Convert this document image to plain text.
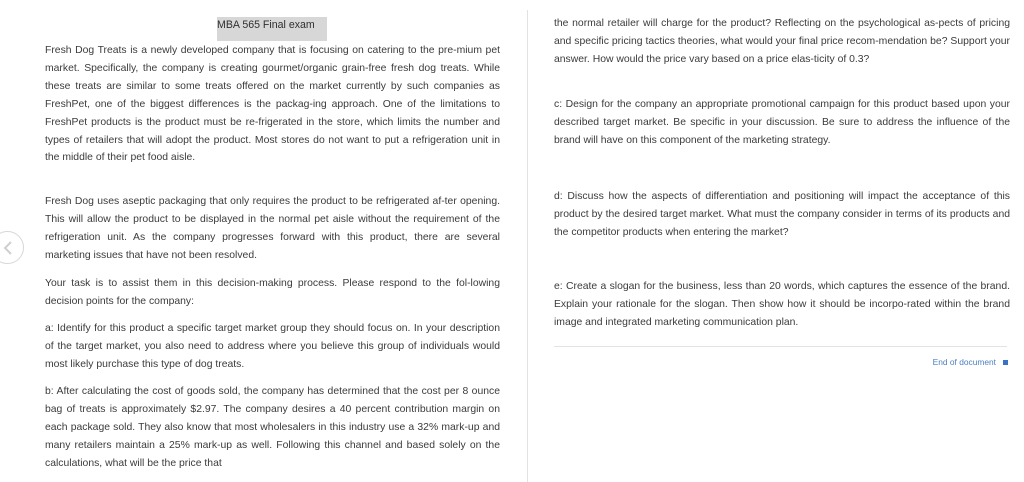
MBA 565 Final exam

Fresh Dog Treats is a newly developed company that is focusing on catering to the pre-mium pet market. Specifically, the company is creating gourmet/organic grain-free fresh dog treats. While these treats are similar to some treats offered on the market currently by such companies as FreshPet, one of the biggest differences is the packag-ing approach. One of the limitations to FreshPet products is the product must be re-frigerated in the store, which limits the number and types of retailers that will adopt the product. Most stores do not want to put a refrigeration unit in the middle of their pet food aisle.

Fresh Dog uses aseptic packaging that only requires the product to be refrigerated af-ter opening. This will allow the product to be displayed in the normal pet aisle without the requirement of the refrigeration unit. As the company progresses forward with this product, there are several marketing issues that have not been resolved.

Your task is to assist them in this decision-making process. Please respond to the fol-lowing decision points for the company:

a: Identify for this product a specific target market group they should focus on. In your description of the target market, you also need to address where you believe this group of individuals would most likely purchase this type of dog treats.

b: After calculating the cost of goods sold, the company has determined that the cost per 8 ounce bag of treats is approximately $2.97. The company desires a 40 percent contribution margin on each package sold. They also know that most wholesalers in this industry use a 32% mark-up and many retailers maintain a 25% mark-up as well. Following this channel and based solely on the calculations, what will be the price that

the normal retailer will charge for the product? Reflecting on the psychological as-pects of pricing and specific pricing tactics theories, what would your final price recom-mendation be? Support your answer. How would the price vary based on a price elas-ticity of 0.3?

c: Design for the company an appropriate promotional campaign for this product based upon your described target market. Be specific in your discussion. Be sure to address the influence of the brand will have on this component of the marketing strategy.

d: Discuss how the aspects of differentiation and positioning will impact the acceptance of this product by the desired target market. What must the company consider in terms of its products and the competitor products when entering the market?

e: Create a slogan for the business, less than 20 words, which captures the essence of the brand. Explain your rationale for the slogan. Then show how it should be incorpo-rated within the brand image and integrated marketing communication plan.

End of document
